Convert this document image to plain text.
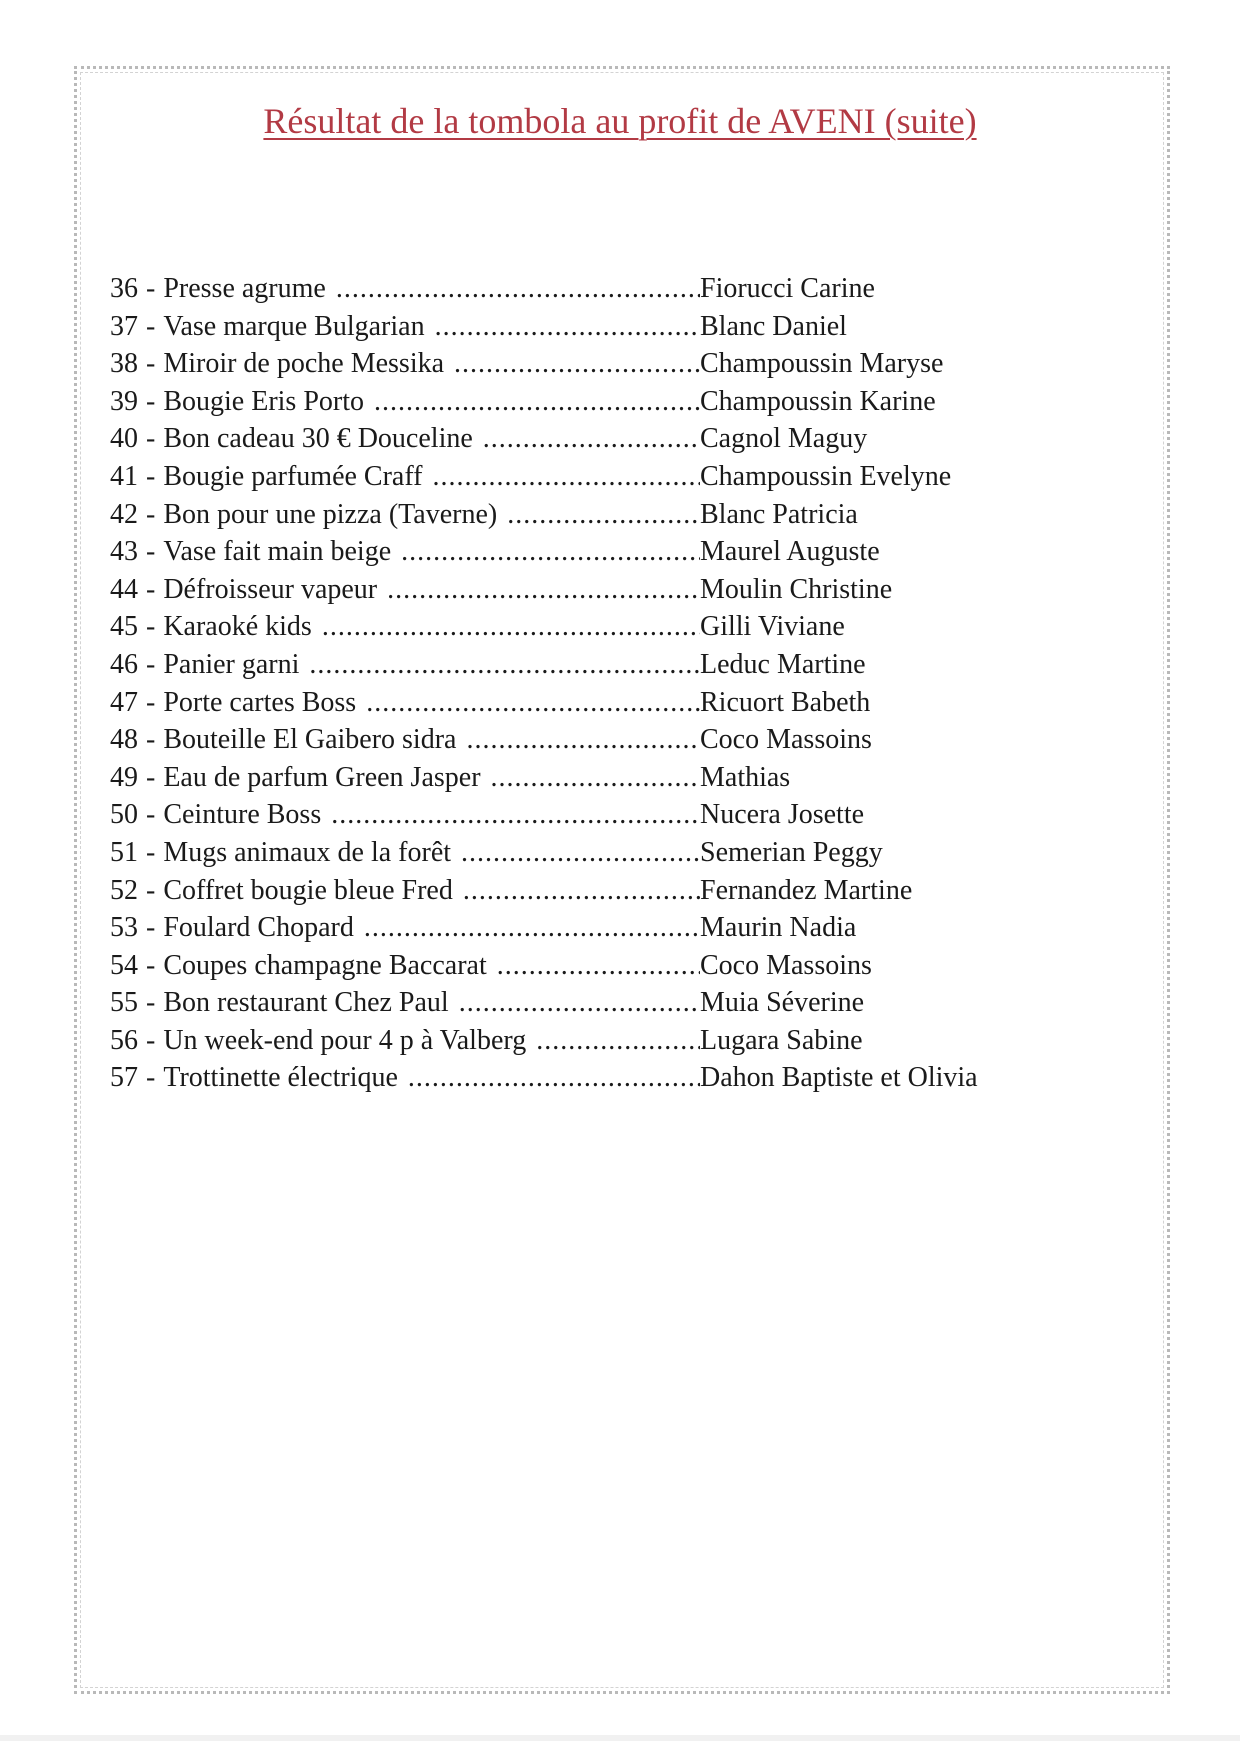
Résultat de la tombola au profit de AVENI (suite)
36 - Presse agrume .....	Fiorucci Carine
37 - Vase marque Bulgarian .....	Blanc Daniel
38 - Miroir de poche Messika .....	Champoussin Maryse
39 - Bougie Eris Porto .....	Champoussin Karine
40 - Bon cadeau 30 € Douceline .....	Cagnol Maguy
41 - Bougie parfumée Craff .....	Champoussin Evelyne
42 - Bon pour une pizza (Taverne) .....	Blanc Patricia
43 - Vase fait main beige .....	Maurel Auguste
44 - Défroisseur vapeur .....	Moulin Christine
45 - Karaoké kids .....	Gilli Viviane
46 - Panier garni .....	Leduc Martine
47 - Porte cartes Boss .....	Ricuort Babeth
48 - Bouteille El Gaibero sidra .....	Coco Massoins
49 - Eau de parfum Green Jasper .....	Mathias
50 - Ceinture Boss .....	Nucera Josette
51 - Mugs animaux de la forêt .....	Semerian Peggy
52 - Coffret bougie bleue Fred .....	Fernandez Martine
53 - Foulard Chopard .....	Maurin Nadia
54 - Coupes champagne Baccarat .....	Coco Massoins
55 - Bon restaurant Chez Paul .....	Muia Séverine
56 - Un week-end pour 4 p à Valberg .....	Lugara Sabine
57 - Trottinette électrique .....	Dahon Baptiste et Olivia
